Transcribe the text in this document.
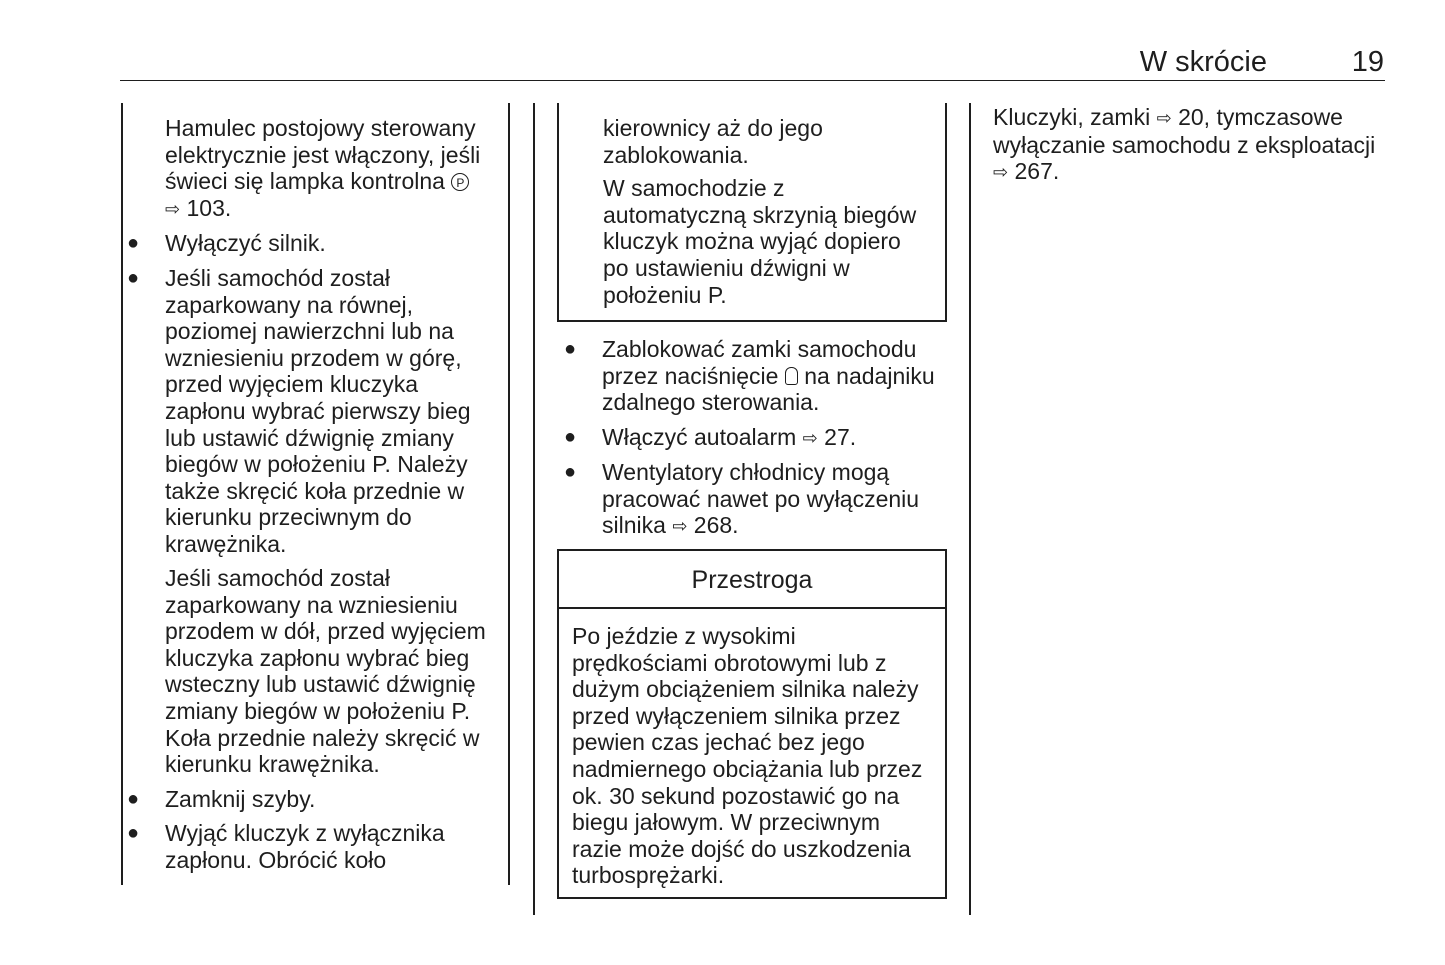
W skrócie	19
Hamulec postojowy sterowany
elektrycznie jest włączony, jeśli
świeci się lampka kontrolna P
⇨ 103.
● Wyłączyć silnik.
● Jeśli samochód został
zaparkowany na równej,
poziomej nawierzchni lub na
wzniesieniu przodem w górę,
przed wyjęciem kluczyka
zapłonu wybrać pierwszy bieg
lub ustawić dźwignię zmiany
biegów w położeniu P. Należy
także skręcić koła przednie w
kierunku przeciwnym do
krawężnika.
Jeśli samochód został
zaparkowany na wzniesieniu
przodem w dół, przed wyjęciem
kluczyka zapłonu wybrać bieg
wsteczny lub ustawić dźwignię
zmiany biegów w położeniu P.
Koła przednie należy skręcić w
kierunku krawężnika.
● Zamknij szyby.
● Wyjąć kluczyk z wyłącznika
zapłonu. Obrócić koło
kierownicy aż do jego
zablokowania.
W samochodzie z
automatyczną skrzynią biegów
kluczyk można wyjąć dopiero
po ustawieniu dźwigni w
położeniu P.
● Zablokować zamki samochodu
przez naciśnięcie na nadajniku
zdalnego sterowania.
● Włączyć autoalarm ⇨ 27.
● Wentylatory chłodnicy mogą
pracować nawet po wyłączeniu
silnika ⇨ 268.
Przestroga
Po jeździe z wysokimi
prędkościami obrotowymi lub z
dużym obciążeniem silnika należy
przed wyłączeniem silnika przez
pewien czas jechać bez jego
nadmiernego obciążania lub przez
ok. 30 sekund pozostawić go na
biegu jałowym. W przeciwnym
razie może dojść do uszkodzenia
turbosprężarki.
Kluczyki, zamki ⇨ 20, tymczasowe
wyłączanie samochodu z eksploatacji
⇨ 267.
